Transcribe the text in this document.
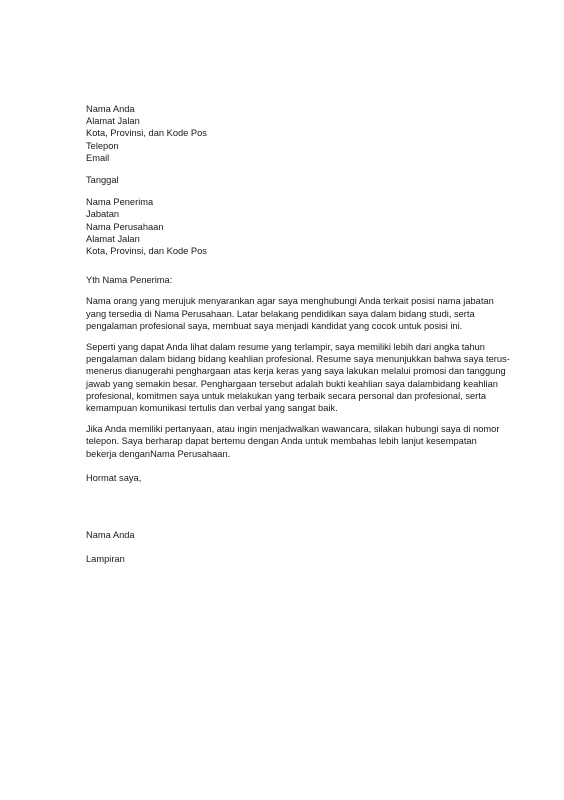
Nama Anda
Alamat Jalan
Kota, Provinsi, dan Kode Pos
Telepon
Email
Tanggal
Nama Penerima
Jabatan
Nama Perusahaan
Alamat Jalan
Kota, Provinsi, dan Kode Pos
Yth Nama Penerima:
Nama orang yang merujuk menyarankan agar saya menghubungi Anda terkait posisi nama jabatan
yang tersedia di Nama Perusahaan. Latar belakang pendidikan saya dalam bidang studi, serta
pengalaman profesional saya, membuat saya menjadi kandidat yang cocok untuk posisi ini.
Seperti yang dapat Anda lihat dalam resume yang terlampir, saya memiliki lebih dari angka tahun
pengalaman dalam bidang bidang keahlian profesional. Resume saya menunjukkan bahwa saya terus-
menerus dianugerahi penghargaan atas kerja keras yang saya lakukan melalui promosi dan tanggung
jawab yang semakin besar. Penghargaan tersebut adalah bukti keahlian saya dalambidang keahlian
profesional, komitmen saya untuk melakukan yang terbaik secara personal dan profesional, serta
kemampuan komunikasi tertulis dan verbal yang sangat baik.
Jika Anda memiliki pertanyaan, atau ingin menjadwalkan wawancara, silakan hubungi saya di nomor
telepon. Saya berharap dapat bertemu dengan Anda untuk membahas lebih lanjut kesempatan
bekerja denganNama Perusahaan.
Hormat saya,
Nama Anda
Lampiran
